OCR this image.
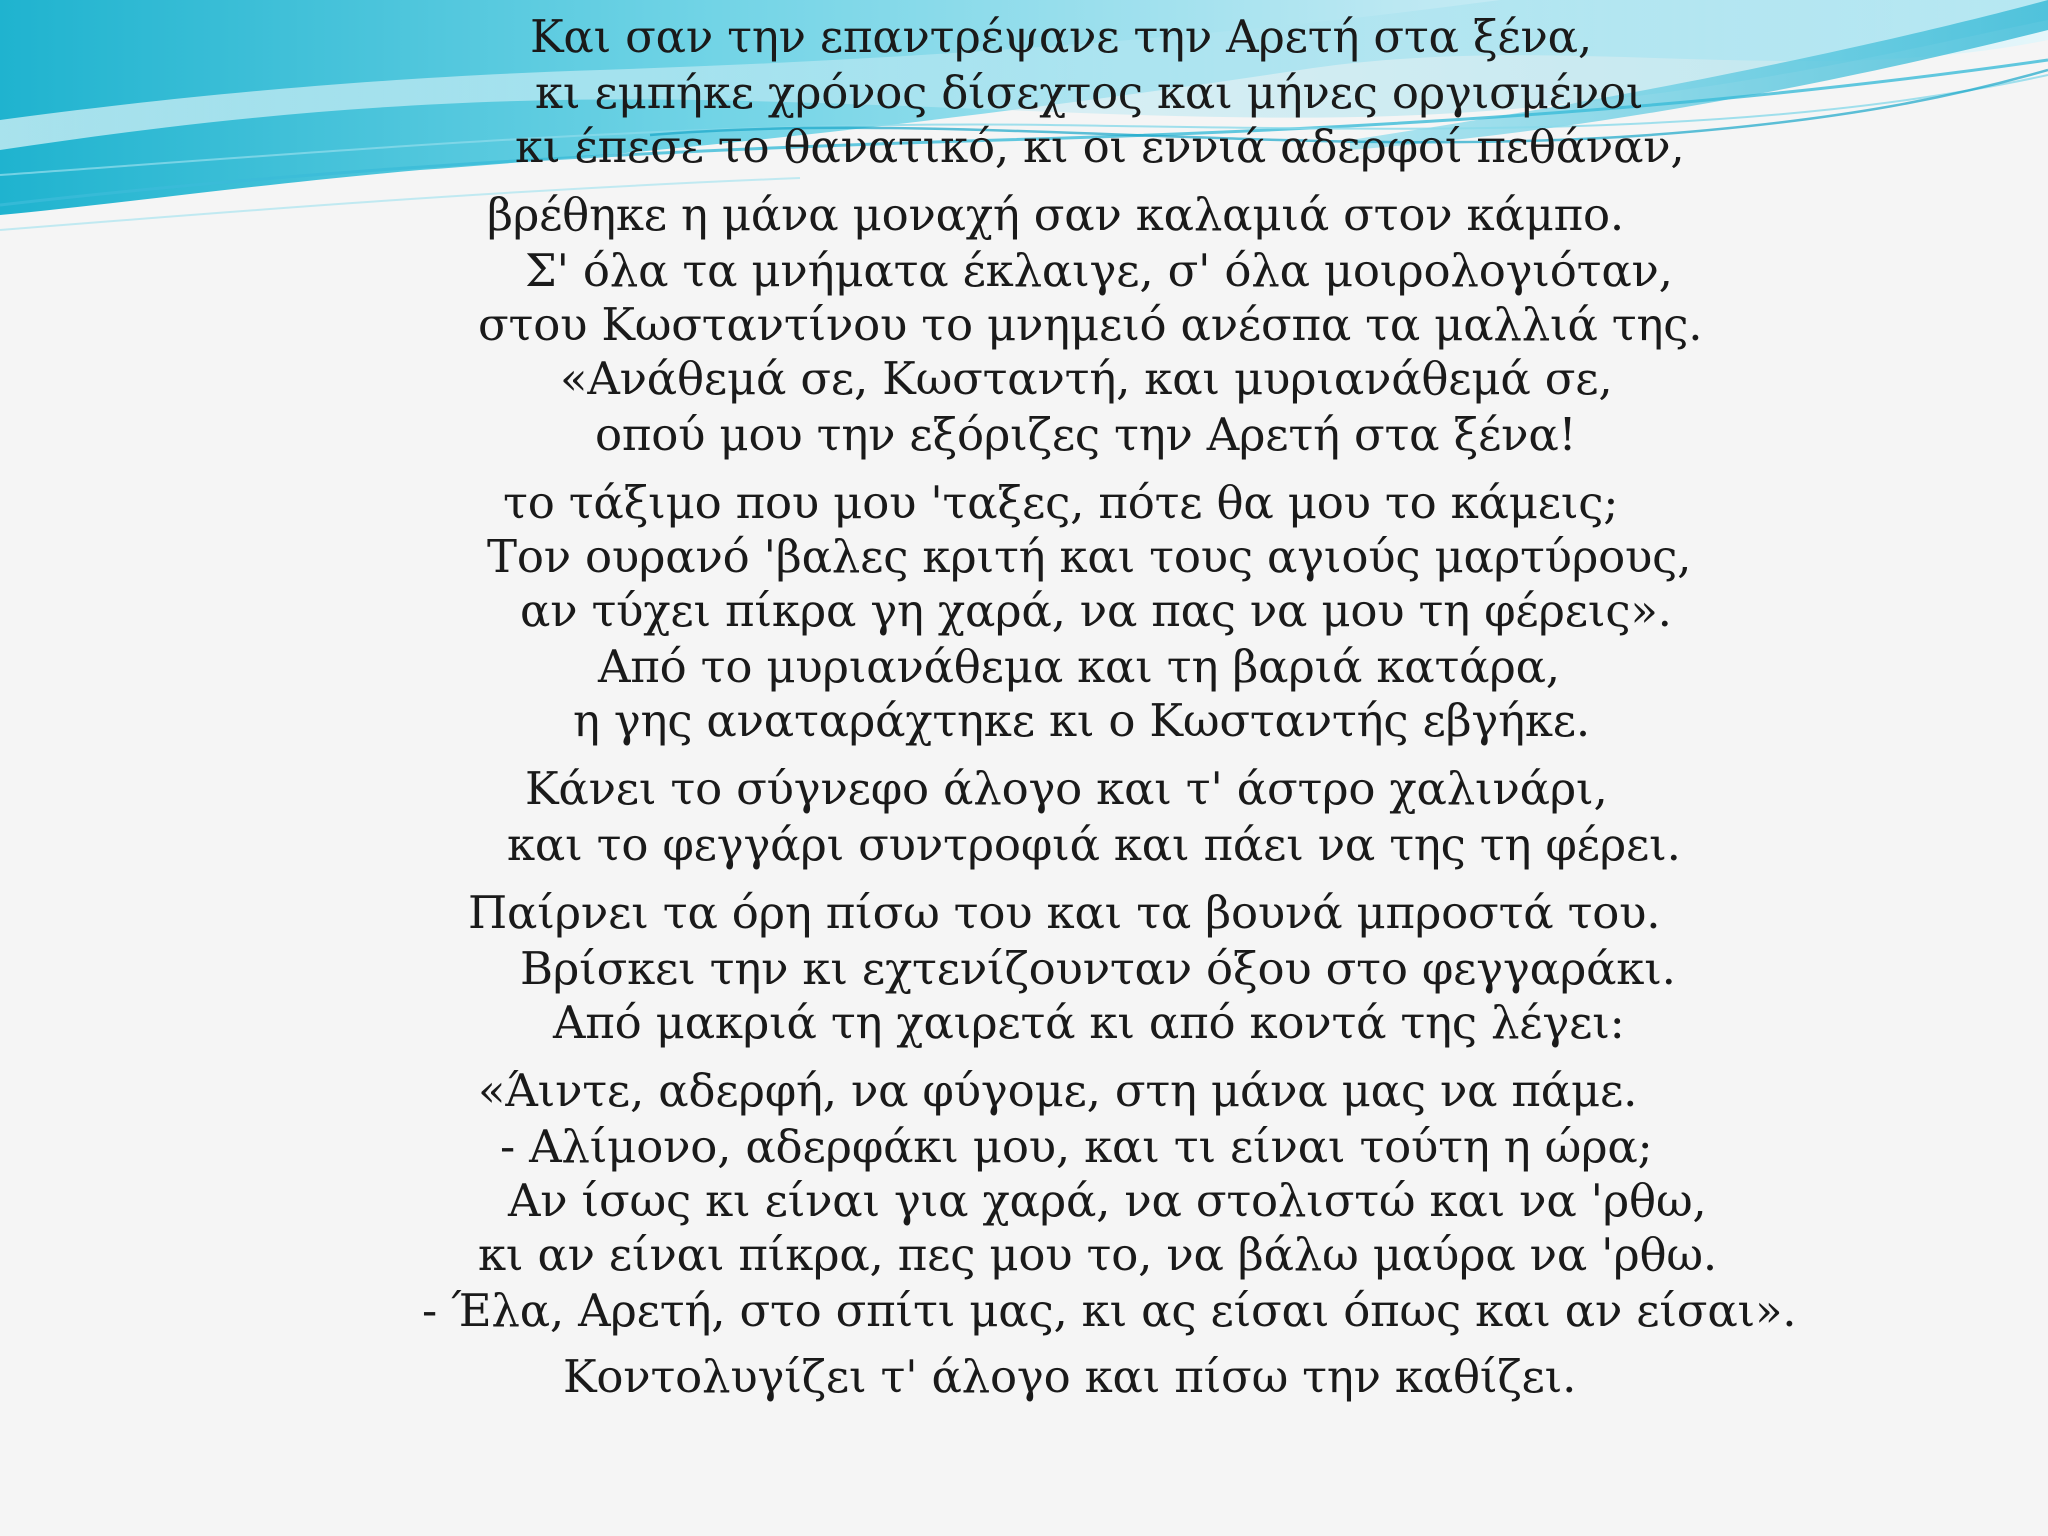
Και σαν την επαντρέψανε την Αρετή στα ξένα,
κι εμπήκε χρόνος δίσεχτος και μήνες οργισμένοι
κι έπεσε το θανατικό, κι οι εννιά αδερφοί πεθάναν,
βρέθηκε η μάνα μοναχή σαν καλαμιά στον κάμπο.
Σ' όλα τα μνήματα έκλαιγε, σ' όλα μοιρολογιόταν,
στου Κωσταντίνου το μνημειό ανέσπα τα μαλλιά της.
«Ανάθεμά σε, Κωσταντή, και μυριανάθεμά σε,
οπού μου την εξόριζες την Αρετή στα ξένα!
το τάξιμο που μου 'ταξες, πότε θα μου το κάμεις;
Τον ουρανό 'βαλες κριτή και τους αγιούς μαρτύρους,
αν τύχει πίκρα γη χαρά, να πας να μου τη φέρεις».
Από το μυριανάθεμα και τη βαριά κατάρα,
η γης αναταράχτηκε κι ο Κωσταντής εβγήκε.
Κάνει το σύγνεφο άλογο και τ' άστρο χαλινάρι,
και το φεγγάρι συντροφιά και πάει να της τη φέρει.
Παίρνει τα όρη πίσω του και τα βουνά μπροστά του.
Βρίσκει την κι εχτενίζουνταν όξου στο φεγγαράκι.
Από μακριά τη χαιρετά κι από κοντά της λέγει:
«Άιντε, αδερφή, να φύγομε, στη μάνα μας να πάμε.
- Αλίμονο, αδερφάκι μου, και τι είναι τούτη η ώρα;
Αν ίσως κι είναι για χαρά, να στολιστώ και να 'ρθω,
κι αν είναι πίκρα, πες μου το, να βάλω μαύρα να 'ρθω.
- Έλα, Αρετή, στο σπίτι μας, κι ας είσαι όπως και αν είσαι».
Κοντολυγίζει τ' άλογο και πίσω την καθίζει.
